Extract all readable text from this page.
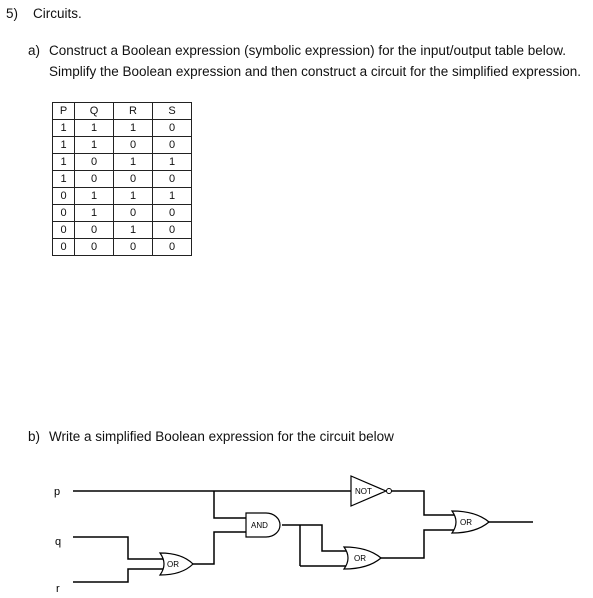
5) Circuits.
a) Construct a Boolean expression (symbolic expression) for the input/output table below.
Simplify the Boolean expression and then construct a circuit for the simplified expression.
P	Q	R	S
1	1	1	0
1	1	0	0
1	0	1	1
1	0	0	0
0	1	1	1
0	1	0	0
0	0	1	0
0	0	0	0
b) Write a simplified Boolean expression for the circuit below
NOT
AND
OR
OR
OR
p
q
r
